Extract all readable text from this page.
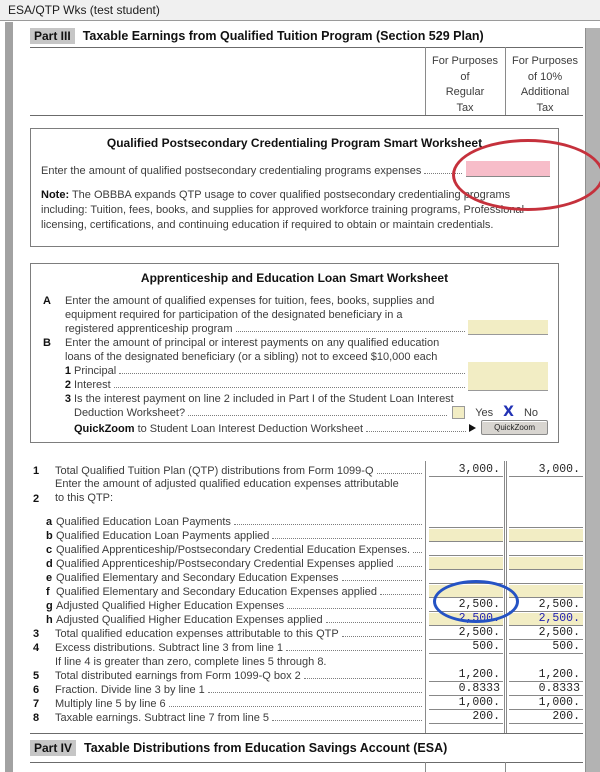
ESA/QTP Wks (test student)
Part III Taxable Earnings from Qualified Tuition Program (Section 529 Plan)
For Purposes
of
Regular
Tax
For Purposes
of 10%
Additional
Tax
Qualified Postsecondary Credentialing Program Smart Worksheet
Enter the amount of qualified postsecondary credentialing programs expenses
Note: The OBBBA expands QTP usage to cover qualified postsecondary credentialing programs including: Tuition, fees, books, and supplies for approved workforce training programs, Professional licensing, certifications, and continuing education if required to obtain or maintain credentials.
Apprenticeship and Education Loan Smart Worksheet
A	Enter the amount of qualified expenses for tuition, fees, books, supplies and
equipment required for participation of the designated beneficiary in a
registered apprenticeship program
B	Enter the amount of principal or interest payments on any qualified education
loans of the designated beneficiary (or a sibling) not to exceed $10,000 each
1 Principal
2 Interest
3 Is the interest payment on line 2 included in Part I of the Student Loan Interest
Deduction Worksheet?	Yes X No
QuickZoom
to Student Loan Interest Deduction Worksheet	QuickZoom
1	Total Qualified Tuition Plan (QTP) distributions from Form 1099-Q	3,000.	3,000.
2
Enter the amount of adjusted qualified education expenses attributable
to this QTP:
a Qualified Education Loan Payments
b Qualified Education Loan Payments applied
c Qualified Apprenticeship/Postsecondary Credential Education Expenses.
d Qualified Apprenticeship/Postsecondary Credential Expenses applied
e Qualified Elementary and Secondary Education Expenses
f Qualified Elementary and Secondary Education Expenses applied
g Adjusted Qualified Higher Education Expenses	2,500.	2,500.
h Adjusted Qualified Higher Education Expenses applied	2,500.	2,500.
3	Total qualified education expenses attributable to this QTP	2,500.	2,500.
4	Excess distributions. Subtract line 3 from line 1	500.	500.
If line 4 is greater than zero, complete lines 5 through 8.
5	Total distributed earnings from Form 1099-Q box 2	1,200.	1,200.
6	Fraction. Divide line 3 by line 1	0.8333	0.8333
7	Multiply line 5 by line 6	1,000.	1,000.
8	Taxable earnings. Subtract line 7 from line 5	200.	200.
Part IV Taxable Distributions from Education Savings Account (ESA)
